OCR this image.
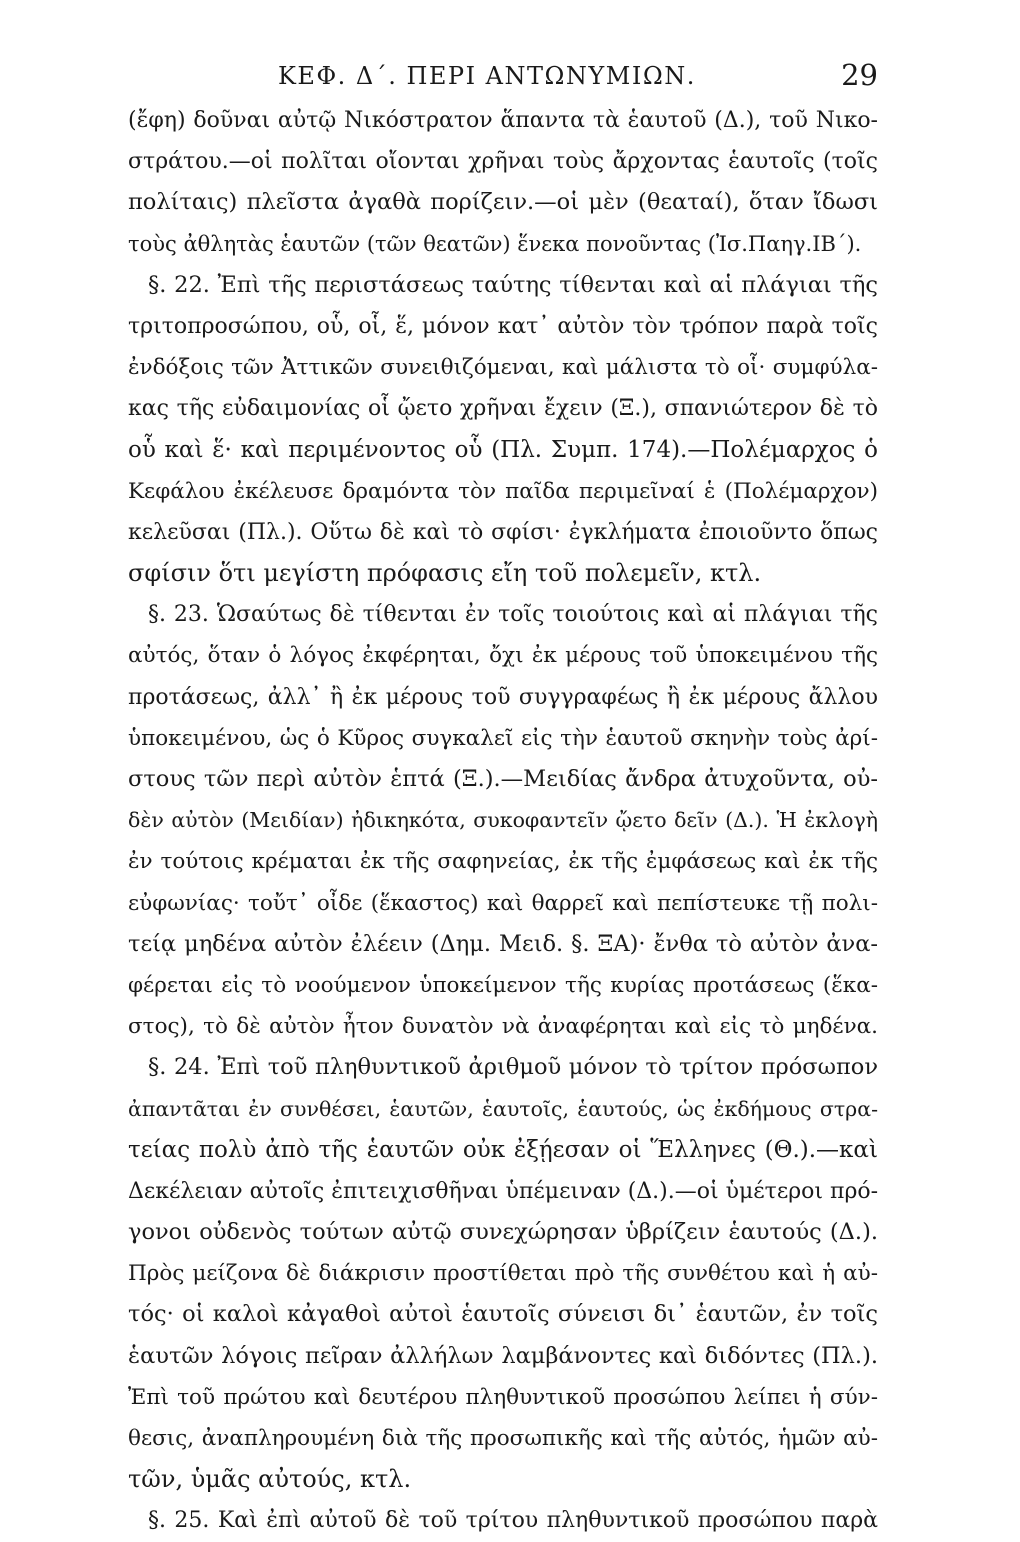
ΚΕΦ. Δ΄. ΠΕΡΙ ΑΝΤΩΝΥΜΙΩΝ.	29
(ἔφη) δοῦναι αὐτῷ Νικόστρατον ἅπαντα τὰ ἑαυτοῦ (Δ.), τοῦ Νικο-
στράτου.—οἱ πολῖται οἴονται χρῆναι τοὺς ἄρχοντας ἑαυτοῖς (τοῖς
πολίταις) πλεῖστα ἀγαθὰ πορίζειν.—οἱ μὲν (θεαταί), ὅταν ἴδωσι
τοὺς ἀθλητὰς ἑαυτῶν (τῶν θεατῶν) ἕνεκα πονοῦντας (Ἰσ.Παηγ.ΙΒ΄).
§. 22. Ἐπὶ τῆς περιστάσεως ταύτης τίθενται καὶ αἱ πλάγιαι τῆς
τριτοπροσώπου, οὗ, οἷ, ἕ, μόνον κατ᾽ αὐτὸν τὸν τρόπον παρὰ τοῖς
ἐνδόξοις τῶν Ἀττικῶν συνειθιζόμεναι, καὶ μάλιστα τὸ οἷ· συμφύλα-
κας τῆς εὐδαιμονίας οἷ ᾤετο χρῆναι ἔχειν (Ξ.), σπανιώτερον δὲ τὸ
οὗ καὶ ἕ· καὶ περιμένοντος οὗ (Πλ. Συμπ. 174).—Πολέμαρχος ὁ
Κεφάλου ἐκέλευσε δραμόντα τὸν παῖδα περιμεῖναί ἑ (Πολέμαρχον)
κελεῦσαι (Πλ.). Οὕτω δὲ καὶ τὸ σφίσι· ἐγκλήματα ἐποιοῦντο ὅπως
σφίσιν ὅτι μεγίστη πρόφασις εἴη τοῦ πολεμεῖν, κτλ.
§. 23. Ὡσαύτως δὲ τίθενται ἐν τοῖς τοιούτοις καὶ αἱ πλάγιαι τῆς
αὐτός, ὅταν ὁ λόγος ἐκφέρηται, ὄχι ἐκ μέρους τοῦ ὑποκειμένου τῆς
προτάσεως, ἀλλ᾽ ἢ ἐκ μέρους τοῦ συγγραφέως ἢ ἐκ μέρους ἄλλου
ὑποκειμένου, ὡς ὁ Κῦρος συγκαλεῖ εἰς τὴν ἑαυτοῦ σκηνὴν τοὺς ἀρί-
στους τῶν περὶ αὐτὸν ἑπτά (Ξ.).—Μειδίας ἄνδρα ἀτυχοῦντα, οὐ-
δὲν αὐτὸν (Μειδίαν) ἠδικηκότα, συκοφαντεῖν ᾤετο δεῖν (Δ.). Ἡ ἐκλογὴ
ἐν τούτοις κρέμαται ἐκ τῆς σαφηνείας, ἐκ τῆς ἐμφάσεως καὶ ἐκ τῆς
εὐφωνίας· τοὔτ᾽ οἶδε (ἕκαστος) καὶ θαρρεῖ καὶ πεπίστευκε τῇ πολι-
τείᾳ μηδένα αὐτὸν ἐλέειν (Δημ. Μειδ. §. ΞΑ)· ἔνθα τὸ αὐτὸν ἀνα-
φέρεται εἰς τὸ νοούμενον ὑποκείμενον τῆς κυρίας προτάσεως (ἕκα-
στος), τὸ δὲ αὐτὸν ἦτον δυνατὸν νὰ ἀναφέρηται καὶ εἰς τὸ μηδένα.
§. 24. Ἐπὶ τοῦ πληθυντικοῦ ἀριθμοῦ μόνον τὸ τρίτον πρόσωπον
ἀπαντᾶται ἐν συνθέσει, ἑαυτῶν, ἑαυτοῖς, ἑαυτούς, ὡς ἐκδήμους στρα-
τείας πολὺ ἀπὸ τῆς ἑαυτῶν οὐκ ἐξῄεσαν οἱ Ἕλληνες (Θ.).—καὶ
Δεκέλειαν αὐτοῖς ἐπιτειχισθῆναι ὑπέμειναν (Δ.).—οἱ ὑμέτεροι πρό-
γονοι οὐδενὸς τούτων αὐτῷ συνεχώρησαν ὑβρίζειν ἑαυτούς (Δ.).
Πρὸς μείζονα δὲ διάκρισιν προστίθεται πρὸ τῆς συνθέτου καὶ ἡ αὐ-
τός· οἱ καλοὶ κἀγαθοὶ αὐτοὶ ἑαυτοῖς σύνεισι δι᾽ ἑαυτῶν, ἐν τοῖς
ἑαυτῶν λόγοις πεῖραν ἀλλήλων λαμβάνοντες καὶ διδόντες (Πλ.).
Ἐπὶ τοῦ πρώτου καὶ δευτέρου πληθυντικοῦ προσώπου λείπει ἡ σύν-
θεσις, ἀναπληρουμένη διὰ τῆς προσωπικῆς καὶ τῆς αὐτός, ἡμῶν αὐ-
τῶν, ὑμᾶς αὐτούς, κτλ.
§. 25. Καὶ ἐπὶ αὐτοῦ δὲ τοῦ τρίτου πληθυντικοῦ προσώπου παρὰ
